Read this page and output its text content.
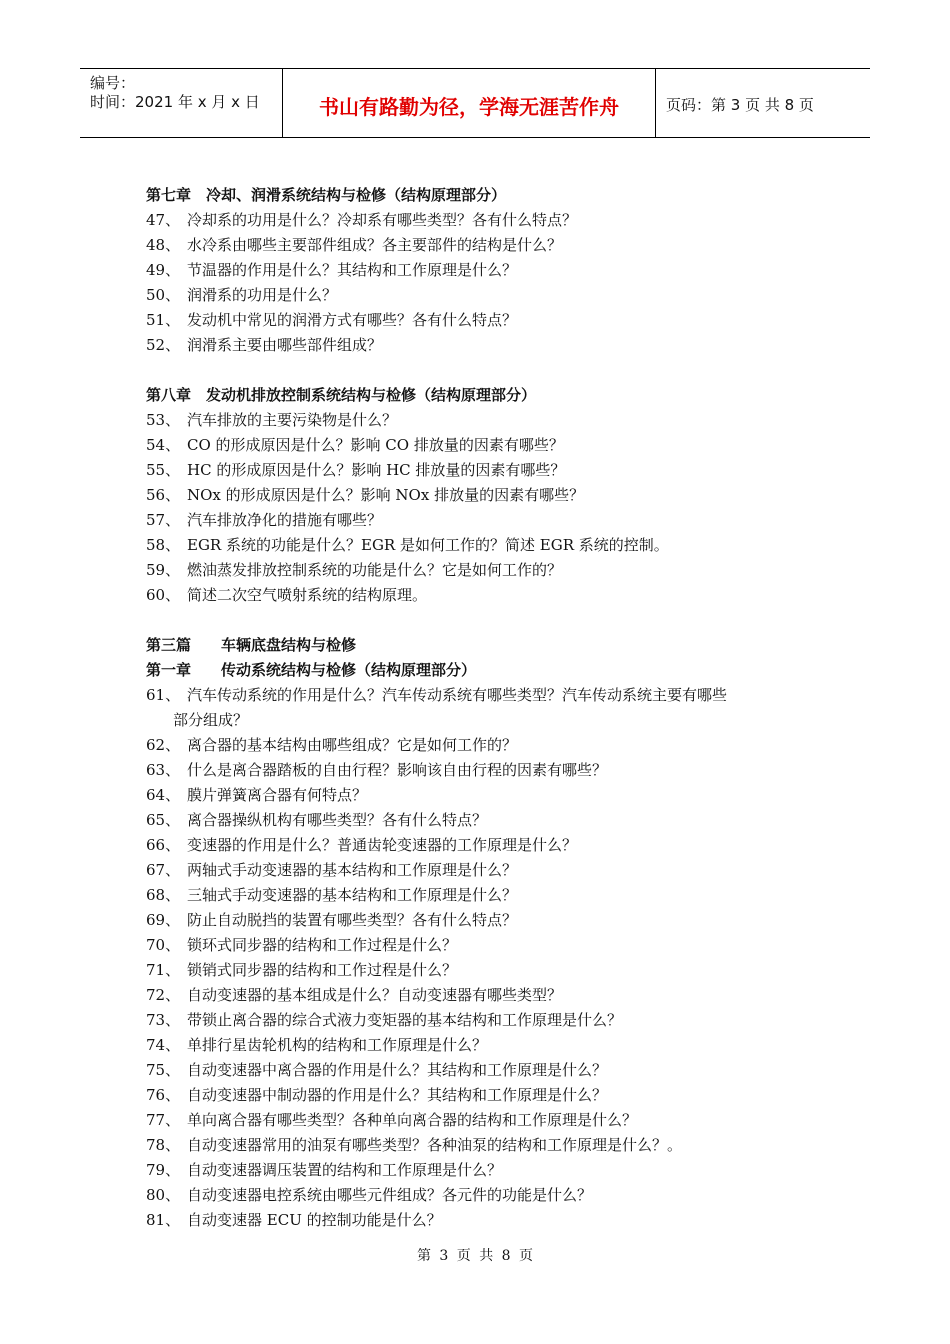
编号：
时间：2021 年 x 月 x 日	书山有路勤为径，学海无涯苦作舟	页码：第 3 页 共 8 页
第七章　冷却、润滑系统结构与检修（结构原理部分）
47、 冷却系的功用是什么？冷却系有哪些类型？各有什么特点？
48、 水冷系由哪些主要部件组成？各主要部件的结构是什么？
49、 节温器的作用是什么？其结构和工作原理是什么？
50、 润滑系的功用是什么？
51、 发动机中常见的润滑方式有哪些？各有什么特点？
52、 润滑系主要由哪些部件组成？
第八章　发动机排放控制系统结构与检修（结构原理部分）
53、 汽车排放的主要污染物是什么？
54、 CO 的形成原因是什么？影响 CO 排放量的因素有哪些？
55、 HC 的形成原因是什么？影响 HC 排放量的因素有哪些？
56、 NOx 的形成原因是什么？影响 NOx 排放量的因素有哪些？
57、 汽车排放净化的措施有哪些？
58、 EGR 系统的功能是什么？EGR 是如何工作的？简述 EGR 系统的控制。
59、 燃油蒸发排放控制系统的功能是什么？它是如何工作的？
60、 简述二次空气喷射系统的结构原理。
第三篇　　车辆底盘结构与检修
第一章　　传动系统结构与检修（结构原理部分）
61、 汽车传动系统的作用是什么？汽车传动系统有哪些类型？汽车传动系统主要有哪些
部分组成？
62、 离合器的基本结构由哪些组成？它是如何工作的？
63、 什么是离合器踏板的自由行程？影响该自由行程的因素有哪些？
64、 膜片弹簧离合器有何特点？
65、 离合器操纵机构有哪些类型？各有什么特点？
66、 变速器的作用是什么？普通齿轮变速器的工作原理是什么？
67、 两轴式手动变速器的基本结构和工作原理是什么？
68、 三轴式手动变速器的基本结构和工作原理是什么？
69、 防止自动脱挡的装置有哪些类型？各有什么特点？
70、 锁环式同步器的结构和工作过程是什么？
71、 锁销式同步器的结构和工作过程是什么？
72、 自动变速器的基本组成是什么？自动变速器有哪些类型？
73、 带锁止离合器的综合式液力变矩器的基本结构和工作原理是什么？
74、 单排行星齿轮机构的结构和工作原理是什么？
75、 自动变速器中离合器的作用是什么？其结构和工作原理是什么？
76、 自动变速器中制动器的作用是什么？其结构和工作原理是什么？
77、 单向离合器有哪些类型？各种单向离合器的结构和工作原理是什么？
78、 自动变速器常用的油泵有哪些类型？各种油泵的结构和工作原理是什么？。
79、 自动变速器调压装置的结构和工作原理是什么？
80、 自动变速器电控系统由哪些元件组成？各元件的功能是什么？
81、 自动变速器 ECU 的控制功能是什么？
第 3 页 共 8 页
